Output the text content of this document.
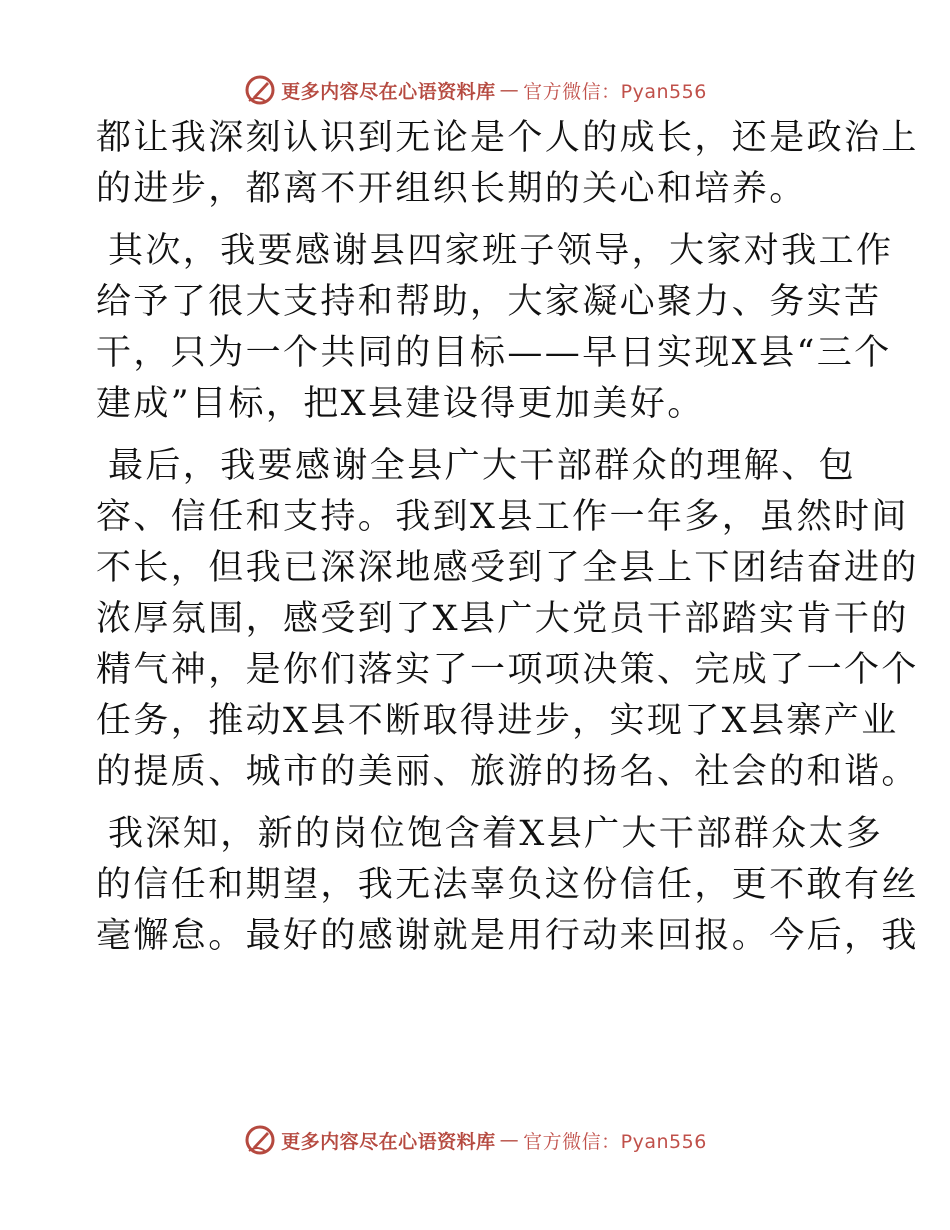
更多内容尽在心语资料库 — 官方微信：Pyan556
都让我深刻认识到无论是个人的成长，还是政治上
的进步，都离不开组织长期的关心和培养。
其次，我要感谢县四家班子领导，大家对我工作
给予了很大支持和帮助，大家凝心聚力、务实苦
干，只为一个共同的目标——早日实现X县“三个
建成”目标，把X县建设得更加美好。
最后，我要感谢全县广大干部群众的理解、包
容、信任和支持。我到X县工作一年多，虽然时间
不长，但我已深深地感受到了全县上下团结奋进的
浓厚氛围，感受到了X县广大党员干部踏实肯干的
精气神，是你们落实了一项项决策、完成了一个个
任务，推动X县不断取得进步，实现了X县寨产业
的提质、城市的美丽、旅游的扬名、社会的和谐。
我深知，新的岗位饱含着X县广大干部群众太多
的信任和期望，我无法辜负这份信任，更不敢有丝
毫懈怠。最好的感谢就是用行动来回报。今后，我
更多内容尽在心语资料库 — 官方微信：Pyan556
